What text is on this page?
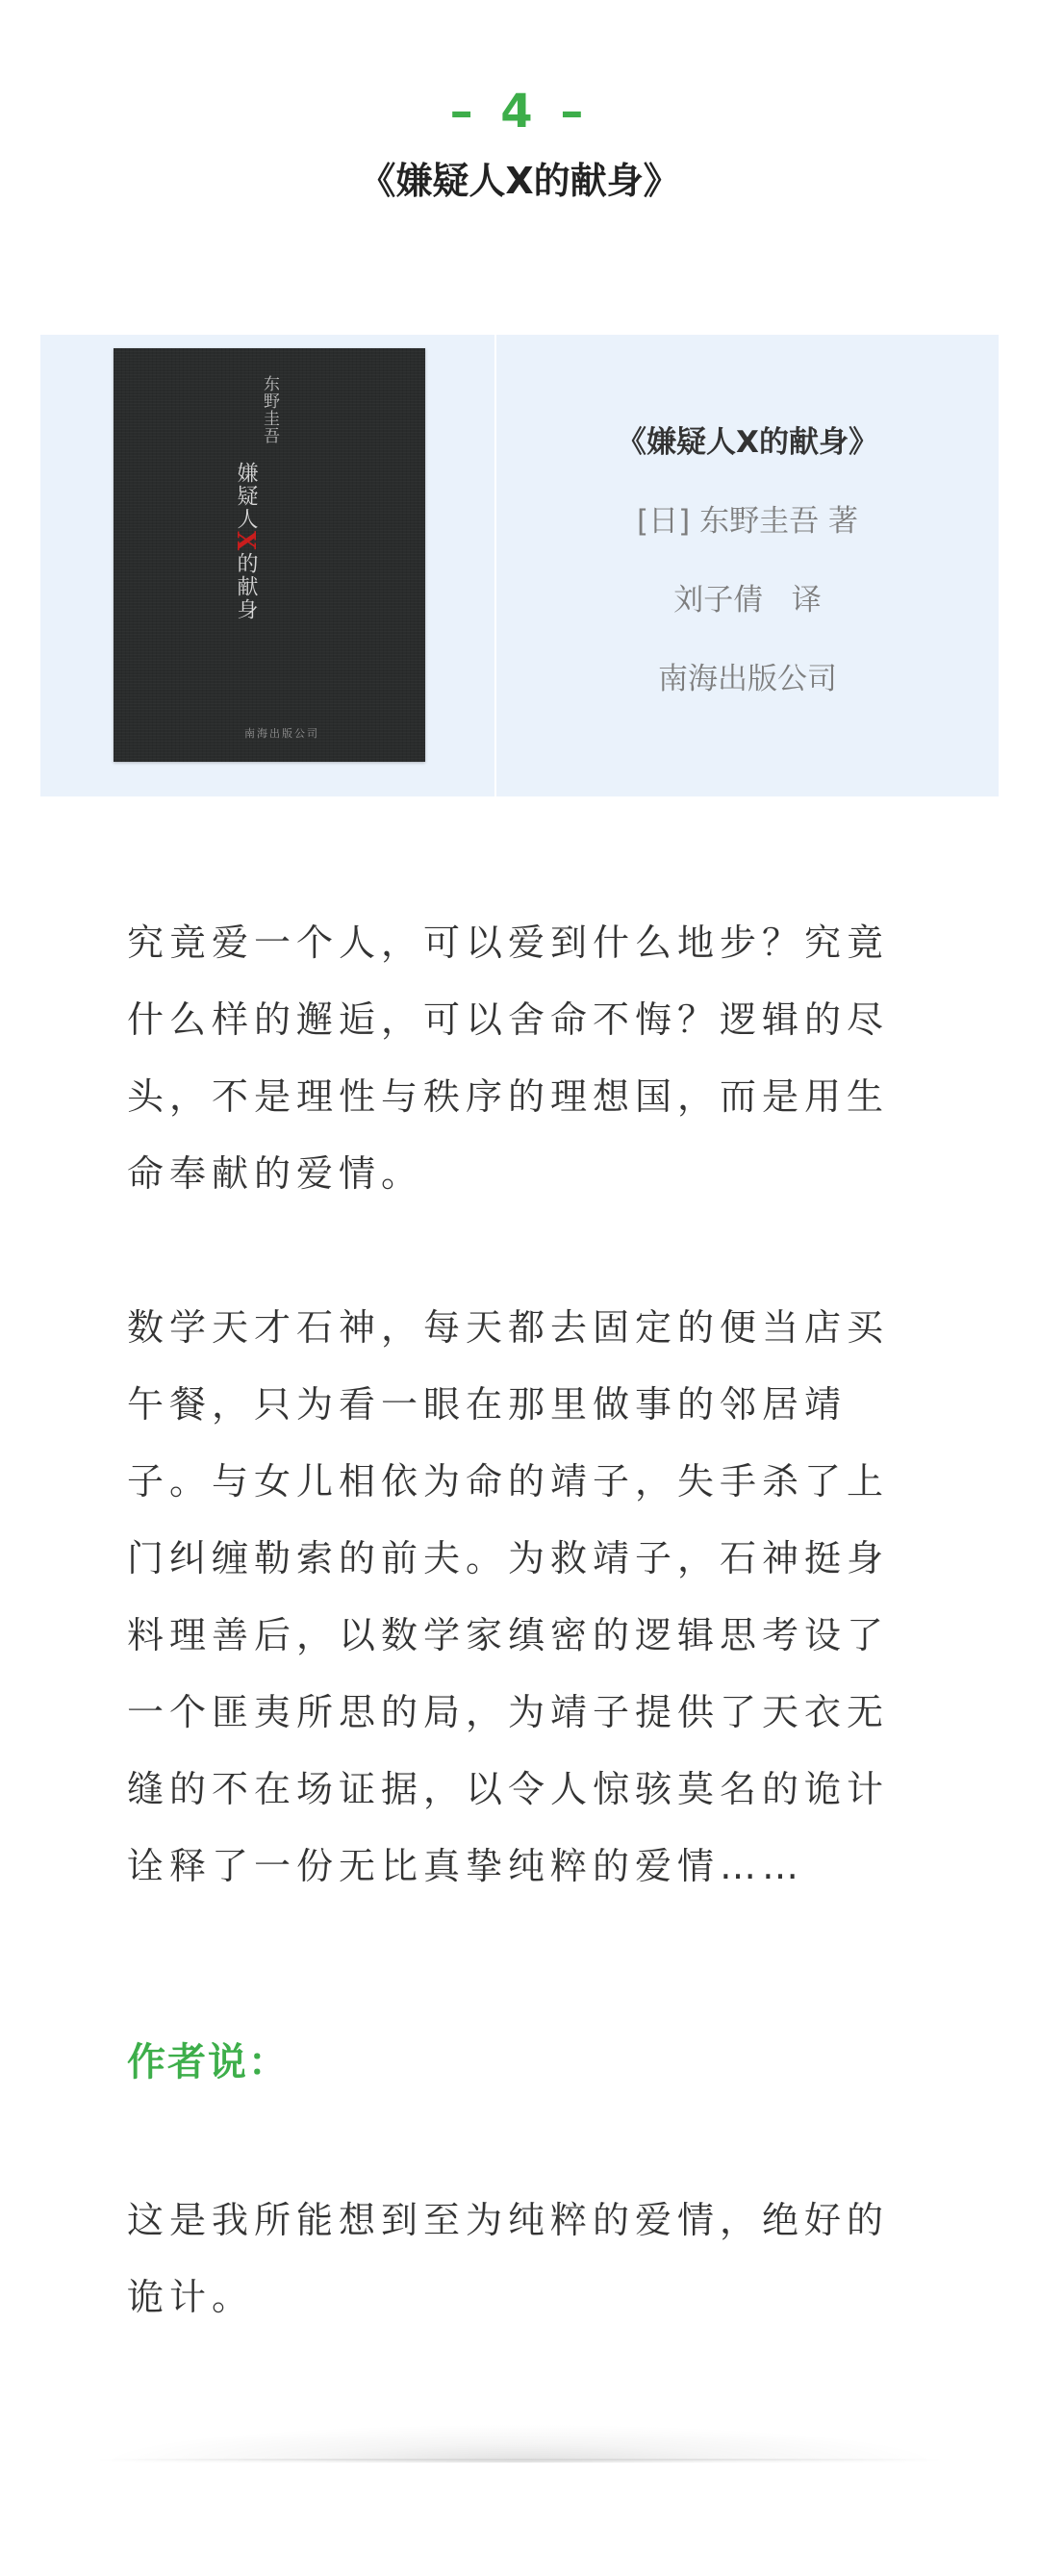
– 4 –
《嫌疑人X的献身》
东野圭吾
嫌疑人X的献身
南海出版公司
《嫌疑人X的献身》
[日] 东野圭吾 著
刘子倩   译
南海出版公司

究竟爱一个人，可以爱到什么地步？究竟什么样的邂逅，可以舍命不悔？逻辑的尽头，不是理性与秩序的理想国，而是用生命奉献的爱情。

数学天才石神，每天都去固定的便当店买午餐，只为看一眼在那里做事的邻居靖子。与女儿相依为命的靖子，失手杀了上门纠缠勒索的前夫。为救靖子，石神挺身料理善后，以数学家缜密的逻辑思考设了一个匪夷所思的局，为靖子提供了天衣无缝的不在场证据，以令人惊骇莫名的诡计诠释了一份无比真挚纯粹的爱情……

作者说：

这是我所能想到至为纯粹的爱情，绝好的诡计。
